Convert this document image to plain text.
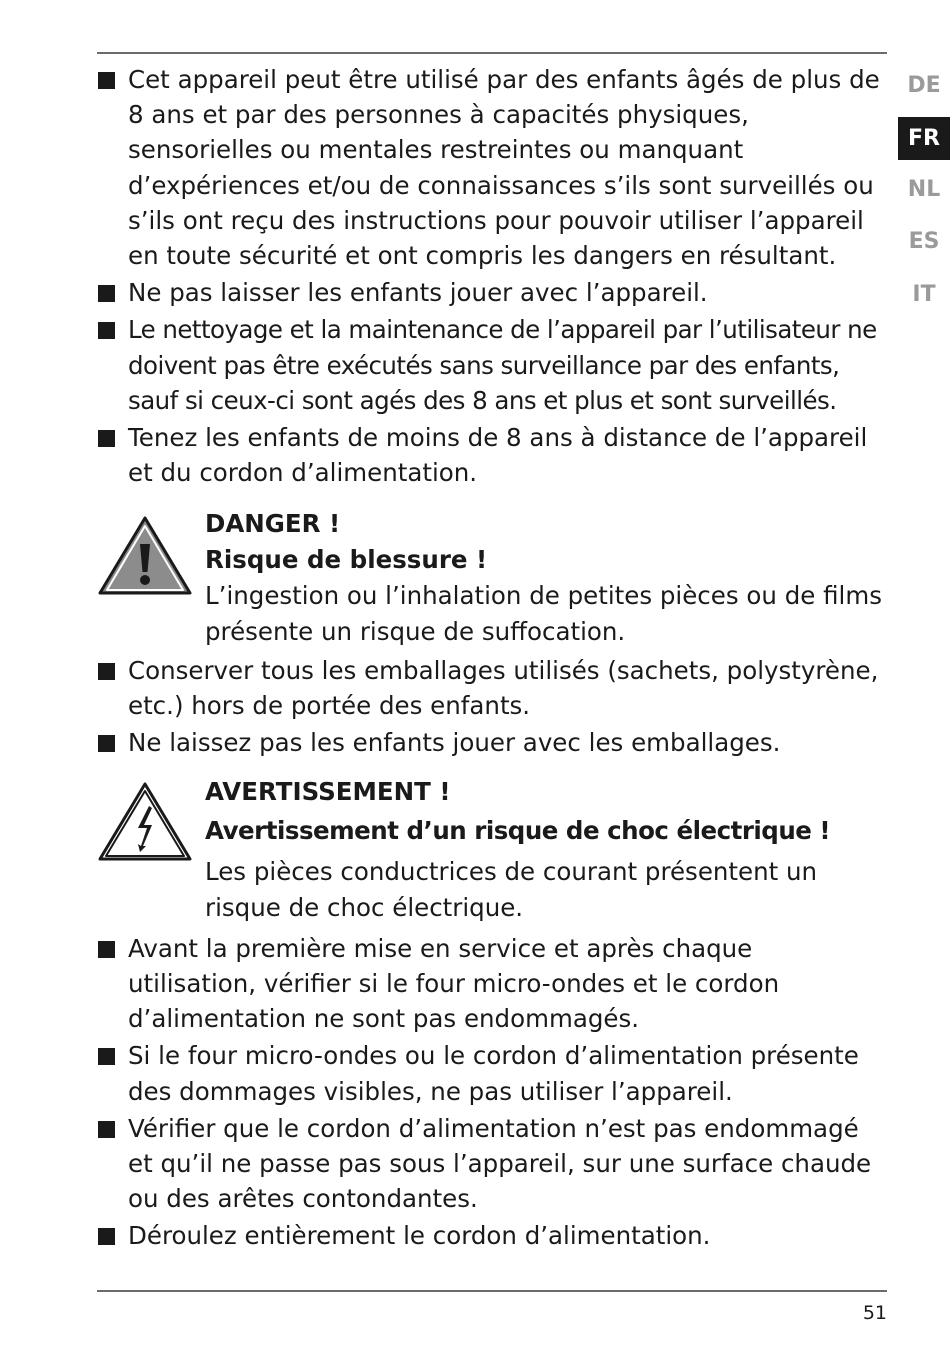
DE
FR
NL
ES
IT

Cet appareil peut être utilisé par des enfants âgés de plus de 8 ans et par des personnes à capacités physiques, sensorielles ou mentales restreintes ou manquant d’expériences et/ou de connaissances s’ils sont surveillés ou s’ils ont reçu des instructions pour pouvoir utiliser l’appareil en toute sécurité et ont compris les dangers en résultant.

Ne pas laisser les enfants jouer avec l’appareil.

Le nettoyage et la maintenance de l’appareil par l’utilisateur ne doivent pas être exécutés sans surveillance par des enfants, sauf si ceux-ci sont agés des 8 ans et plus et sont surveillés.

Tenez les enfants de moins de 8 ans à distance de l’appareil et du cordon d’alimentation.

DANGER !
Risque de blessure !

L’ingestion ou l’inhalation de petites pièces ou de films présente un risque de suffocation.

Conserver tous les emballages utilisés (sachets, polystyrène, etc.) hors de portée des enfants.

Ne laissez pas les enfants jouer avec les emballages.

AVERTISSEMENT !
Avertissement d’un risque de choc électrique !

Les pièces conductrices de courant présentent un risque de choc électrique.

Avant la première mise en service et après chaque utilisation, vérifier si le four micro-ondes et le cordon d’alimentation ne sont pas endommagés.

Si le four micro-ondes ou le cordon d’alimentation présente des dommages visibles, ne pas utiliser l’appareil.

Vérifier que le cordon d’alimentation n’est pas endommagé et qu’il ne passe pas sous l’appareil, sur une surface chaude ou des arêtes contondantes.

Déroulez entièrement le cordon d’alimentation.

51
